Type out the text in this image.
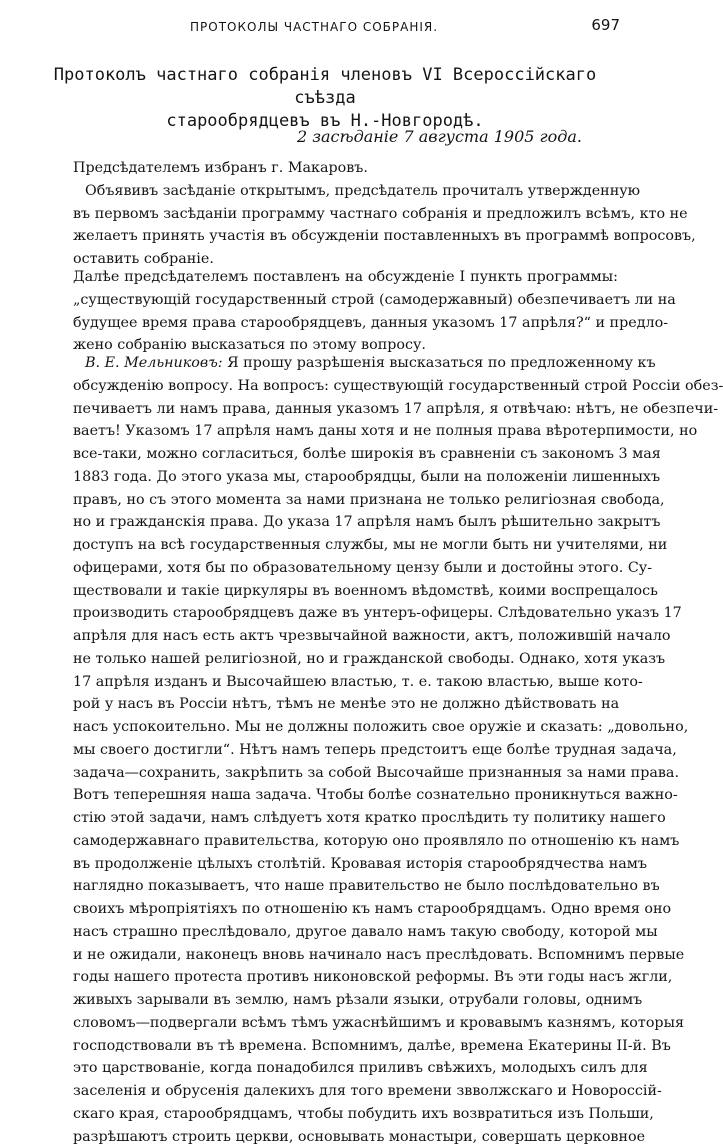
ПРОТОКОЛЫ ЧАСТНАГО СОБРАНІЯ.	697
Протоколъ частнаго собранія членовъ VI Всероссійскаго съѣзда
старообрядцевъ въ Н.-Новгородѣ.
2 засѣданіе 7 августа 1905 года.
Предсѣдателемъ избранъ г. Макаровъ.
Объявивъ засѣданіе открытымъ, предсѣдатель прочиталъ утвержденную
въ первомъ засѣданіи программу частнаго собранія и предложилъ всѣмъ, кто не
желаетъ принять участія въ обсужденіи поставленныхъ въ программѣ вопросовъ,
оставить собраніе.
Далѣе предсѣдателемъ поставленъ на обсужденіе I пункть программы:
„существующій государственный строй (самодержавный) обезпечиваетъ ли на
будущее время права старообрядцевъ, данныя указомъ 17 апрѣля?“ и предло-
жено собранію высказаться по этому вопросу.
В. Е. Мельниковъ: Я прошу разрѣшенія высказаться по предложенному къ
обсужденію вопросу. На вопросъ: существующій государственный строй Россіи обез-
печиваетъ ли намъ права, данныя указомъ 17 апрѣля, я отвѣчаю: нѣтъ, не обезпечи-
ваетъ! Указомъ 17 апрѣля намъ даны хотя и не полныя права вѣротерпимости, но
все-таки, можно согласиться, болѣе широкія въ сравненіи съ закономъ 3 мая
1883 года. До этого указа мы, старообрядцы, были на положеніи лишенныхъ
правъ, но съ этого момента за нами признана не только религіозная свобода,
но и гражданскія права. До указа 17 апрѣля намъ былъ рѣшительно закрытъ
доступъ на всѣ государственныя службы, мы не могли быть ни учителями, ни
офицерами, хотя бы по образовательному цензу были и достойны этого. Су-
ществовали и такіе циркуляры въ военномъ вѣдомствѣ, коими воспрещалось
производить старообрядцевъ даже въ унтеръ-офицеры. Слѣдовательно указъ 17
апрѣля для насъ есть актъ чрезвычайной важности, актъ, положившій начало
не только нашей религіозной, но и гражданской свободы. Однако, хотя указъ
17 апрѣля изданъ и Высочайшею властью, т. е. такою властью, выше кото-
рой у насъ въ Россіи нѣтъ, тѣмъ не менѣе это не должно дѣйствовать на
насъ успокоительно. Мы не должны положить свое оружіе и сказать: „довольно,
мы своего достигли“. Нѣтъ намъ теперь предстоитъ еще болѣе трудная задача,
задача—сохранить, закрѣпить за собой Высочайше признанныя за нами права.
Вотъ теперешняя наша задача. Чтобы болѣе сознательно проникнуться важно-
стію этой задачи, намъ слѣдуетъ хотя кратко прослѣдить ту политику нашего
самодержавнаго правительства, которую оно проявляло по отношенію къ намъ
въ продолженіе цѣлыхъ столѣтій. Кровавая исторія старообрядчества намъ
наглядно показываетъ, что наше правительство не было послѣдовательно въ
своихъ мѣропріятіяхъ по отношенію къ намъ старообрядцамъ. Одно время оно
насъ страшно преслѣдовало, другое давало намъ такую свободу, которой мы
и не ожидали, наконецъ вновь начинало насъ преслѣдовать. Вспомнимъ первые
годы нашего протеста противъ никоновской реформы. Въ эти годы насъ жгли,
живыхъ зарывали въ землю, намъ рѣзали языки, отрубали головы, однимъ
словомъ—подвергали всѣмъ тѣмъ ужаснѣйшимъ и кровавымъ казнямъ, которыя
господствовали въ тѣ времена. Вспомнимъ, далѣе, времена Екатерины II-й. Въ
это царствованіе, когда понадобился приливъ свѣжихъ, молодыхъ силъ для
заселенія и обрусенія далекихъ для того времени звволжскаго и Новороссій-
скаго края, старообрядцамъ, чтобы побудить ихъ возвратиться изъ Польши,
разрѣшаютъ строить церкви, основывать монастыри, совершать церковное
